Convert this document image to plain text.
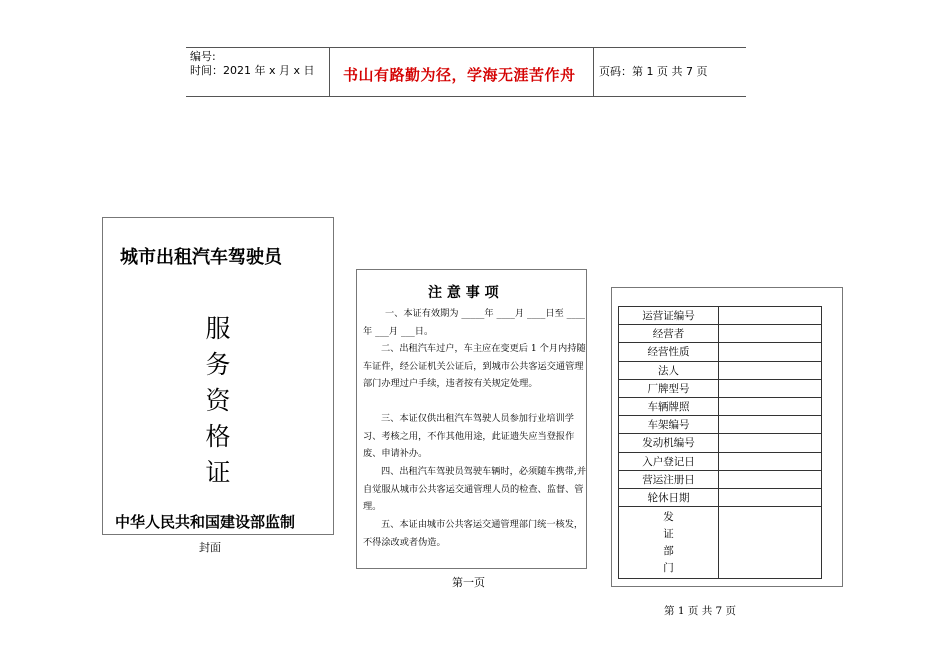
编号:
时间：2021 年 x 月 x 日 书山有路勤为径，学海无涯苦作舟 页码：第 1 页 共 7 页
城市出租汽车驾驶员
服
务
资
格
证
中华人民共和国建设部监制
封面
注 意 事 项
一、本证有效期为 _____年 ____月 ____日至 ____年 ___月 ___日。
二、出租汽车过户，车主应在变更后 1 个月内持随车证件，经公证机关公证后，到城市公共客运交通管理部门办理过户手续，违者按有关规定处理。
三、本证仅供出租汽车驾驶人员参加行业培训学习、考核之用，不作其他用途，此证遗失应当登报作废、申请补办。
四、出租汽车驾驶员驾驶车辆时，必须随车携带,并自觉服从城市公共客运交通管理人员的检查、监督、管理。
五、本证由城市公共客运交通管理部门统一核发，不得涂改或者伪造。
第一页
运营证编号	
经营者	
经营性质	
法人	
厂牌型号	
车辆牌照	
车架编号	
发动机编号	
入户登记日	
营运注册日	
轮休日期	

发
证
部
门	

第 1 页 共 7 页
